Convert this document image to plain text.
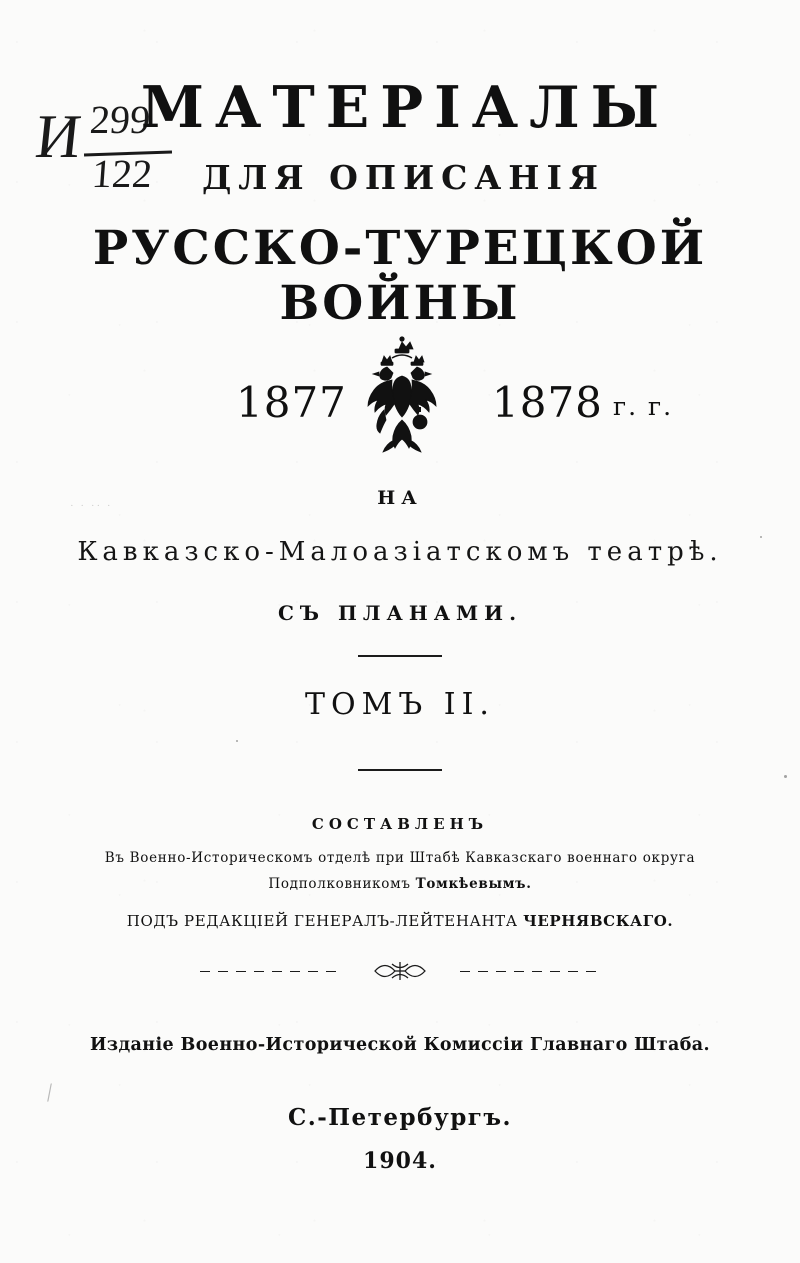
И 299
122
МАТЕРIАЛЫ
ДЛЯ ОПИСАНIЯ
РУССКО-ТУРЕЦКОЙ ВОЙНЫ
1877	1878 г. г.
НА
Кавказско-Малоазiатскомъ театрѣ.
СЪ ПЛАНАМИ.
ТОМЪ II.
СОСТАВЛЕНЪ
Въ Военно-Историческомъ отделѣ при Штабѣ Кавказскаго военнаго округа
Подполковникомъ Томкѣевымъ.
ПОДЪ РЕДАКЦIЕЙ ГЕНЕРАЛЪ-ЛЕЙТЕНАНТА ЧЕРНЯВСКАГО.
Изданiе Военно-Исторической Комиссiи Главнаго Штаба.
С.-Петербургъ.
1904.
· · ·· ·
/
